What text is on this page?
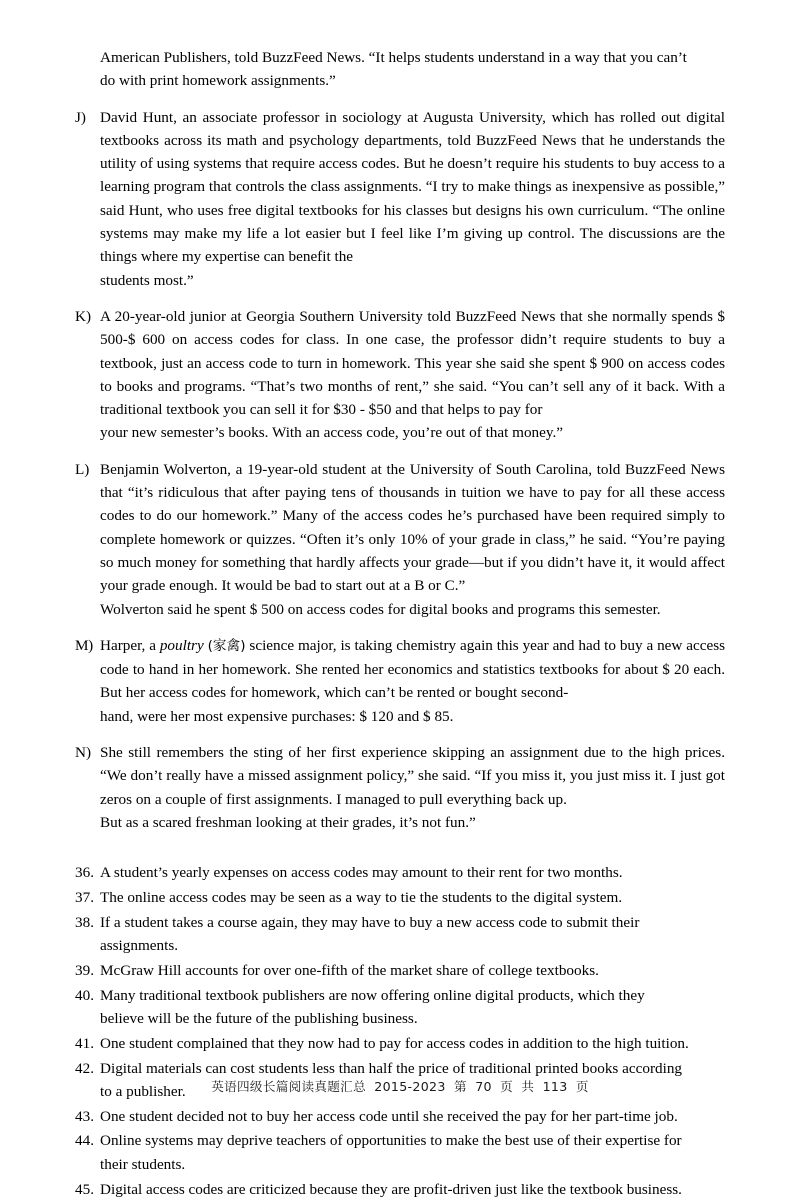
American Publishers, told BuzzFeed News. “It helps students understand in a way that you can’t
do with print homework assignments.”
J) David Hunt, an associate professor in sociology at Augusta University, which has rolled out digital textbooks across its math and psychology departments, told BuzzFeed News that he understands the utility of using systems that require access codes. But he doesn’t require his students to buy access to a learning program that controls the class assignments. “I try to make things as inexpensive as possible,” said Hunt, who uses free digital textbooks for his classes but designs his own curriculum. “The online systems may make my life a lot easier but I feel like I’m giving up control. The discussions are the things where my expertise can benefit the
students most.”
K) A 20-year-old junior at Georgia Southern University told BuzzFeed News that she normally spends $ 500-$ 600 on access codes for class. In one case, the professor didn’t require students to buy a textbook, just an access code to turn in homework. This year she said she spent $ 900 on access codes to books and programs. “That’s two months of rent,” she said. “You can’t sell any of it back. With a traditional textbook you can sell it for $30 - $50 and that helps to pay for
your new semester’s books. With an access code, you’re out of that money.”
L) Benjamin Wolverton, a 19-year-old student at the University of South Carolina, told BuzzFeed News that “it’s ridiculous that after paying tens of thousands in tuition we have to pay for all these access codes to do our homework.” Many of the access codes he’s purchased have been required simply to complete homework or quizzes. “Often it’s only 10% of your grade in class,” he said. “You’re paying so much money for something that hardly affects your grade—but if you didn’t have it, it would affect your grade enough. It would be bad to start out at a B or C.”
Wolverton said he spent $ 500 on access codes for digital books and programs this semester.
M) Harper, a poultry (家禽) science major, is taking chemistry again this year and had to buy a new access code to hand in her homework. She rented her economics and statistics textbooks for about $ 20 each. But her access codes for homework, which can’t be rented or bought second-
hand, were her most expensive purchases: $ 120 and $ 85.
N) She still remembers the sting of her first experience skipping an assignment due to the high prices. “We don’t really have a missed assignment policy,” she said. “If you miss it, you just miss it. I just got zeros on a couple of first assignments. I managed to pull everything back up.
But as a scared freshman looking at their grades, it’s not fun.”
36. A student’s yearly expenses on access codes may amount to their rent for two months.
37. The online access codes may be seen as a way to tie the students to the digital system.
38. If a student takes a course again, they may have to buy a new access code to submit their
assignments.
39. McGraw Hill accounts for over one-fifth of the market share of college textbooks.
40. Many traditional textbook publishers are now offering online digital products, which they
believe will be the future of the publishing business.
41. One student complained that they now had to pay for access codes in addition to the high tuition.
42. Digital materials can cost students less than half the price of traditional printed books according
to a publisher.
43. One student decided not to buy her access code until she received the pay for her part-time job.
44. Online systems may deprive teachers of opportunities to make the best use of their expertise for
their students.
45. Digital access codes are criticized because they are profit-driven just like the textbook business.
英语四级长篇阅读真题汇总 2015-2023 第 70 页 共 113 页
